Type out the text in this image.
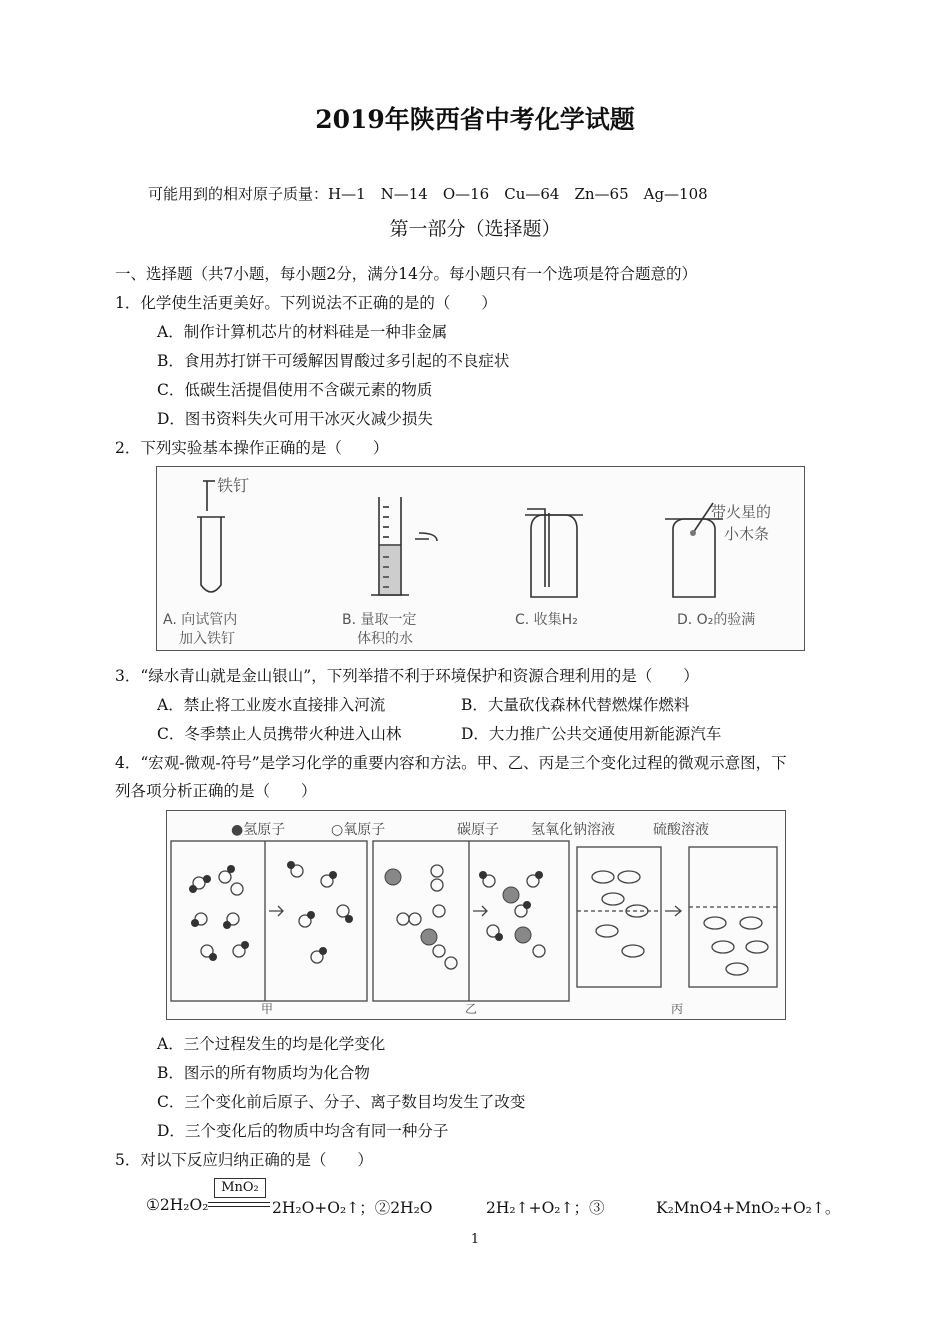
2019年陕西省中考化学试题
可能用到的相对原子质量：H—1　N—14　O—16　Cu—64　Zn—65　Ag—108
第一部分（选择题）
一、选择题（共7小题，每小题2分，满分14分。每小题只有一个选项是符合题意的）
1．化学使生活更美好。下列说法不正确的是的（　　）
A．制作计算机芯片的材料硅是一种非金属
B．食用苏打饼干可缓解因胃酸过多引起的不良症状
C．低碳生活提倡使用不含碳元素的物质
D．图书资料失火可用干冰灭火减少损失
2．下列实验基本操作正确的是（　　）
铁钉
带火星的
小木条
A. 向试管内
加入铁钉
B. 量取一定
体积的水
C. 收集H₂	D. O₂的验满
3．“绿水青山就是金山银山”，下列举措不利于环境保护和资源合理利用的是（　　）
A．禁止将工业废水直接排入河流	B．大量砍伐森林代替燃煤作燃料
C．冬季禁止人员携带火种进入山林	D．大力推广公共交通使用新能源汽车
4．“宏观-微观-符号”是学习化学的重要内容和方法。甲、乙、丙是三个变化过程的微观示意图，下
列各项分析正确的是（　　）
●氢原子	○氧原子	碳原子 氢氧化钠溶液	硫酸溶液
甲	乙	丙
A．三个过程发生的均是化学变化
B．图示的所有物质均为化合物
C．三个变化前后原子、分子、离子数目均发生了改变
D．三个变化后的物质中均含有同一种分子
5．对以下反应归纳正确的是（　　）
MnO₂
①2H₂O₂	2H₂O+O₂↑；②2H₂O	2H₂↑+O₂↑；③	K₂MnO4+MnO₂+O₂↑。
1
